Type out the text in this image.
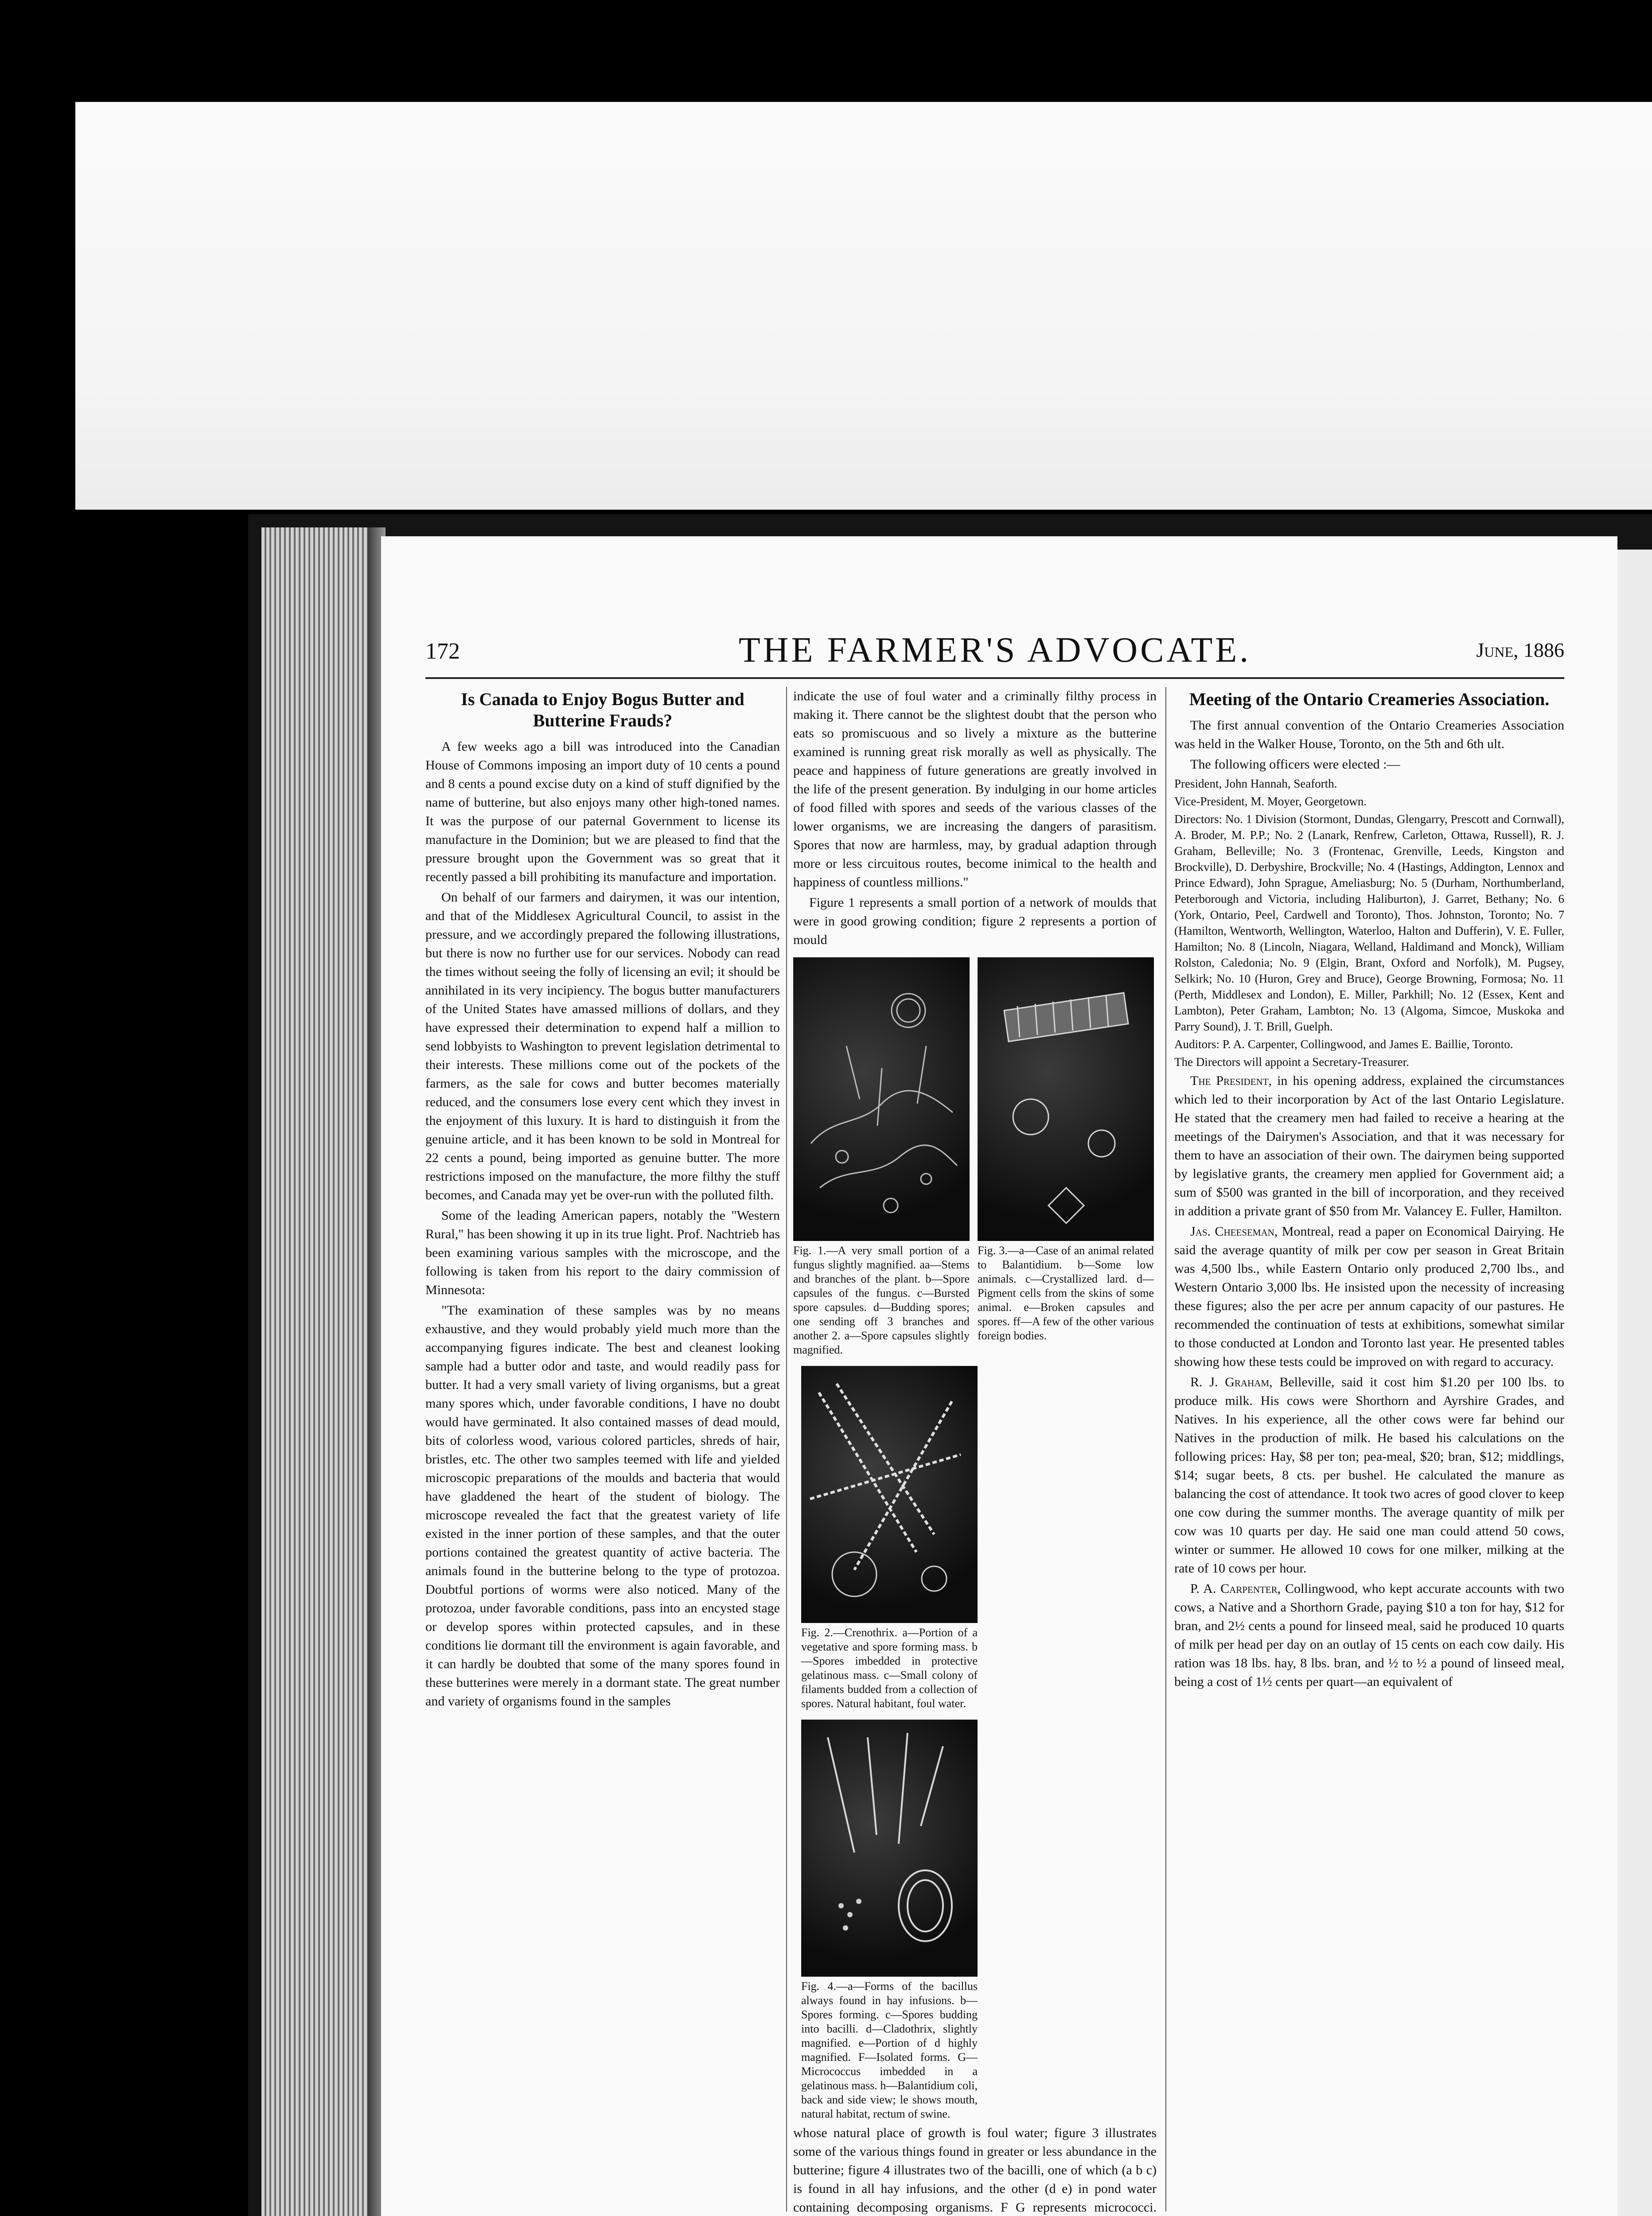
172	THE FARMER'S ADVOCATE.	June, 1886
Is Canada to Enjoy Bogus Butter and Butterine Frauds?

A few weeks ago a bill was introduced into the Canadian House of Commons imposing an import duty of 10 cents a pound and 8 cents a pound excise duty on a kind of stuff dignified by the name of butterine, but also enjoys many other high-toned names. It was the purpose of our paternal Government to license its manufacture in the Dominion; but we are pleased to find that the pressure brought upon the Government was so great that it recently passed a bill prohibiting its manufacture and importation.

On behalf of our farmers and dairymen, it was our intention, and that of the Middlesex Agricultural Council, to assist in the pressure, and we accordingly prepared the following illustrations, but there is now no further use for our services. Nobody can read the times without seeing the folly of licensing an evil; it should be annihilated in its very incipiency. The bogus butter manufacturers of the United States have amassed millions of dollars, and they have expressed their determination to expend half a million to send lobbyists to Washington to prevent legislation detrimental to their interests. These millions come out of the pockets of the farmers, as the sale for cows and butter becomes materially reduced, and the consumers lose every cent which they invest in the enjoyment of this luxury. It is hard to distinguish it from the genuine article, and it has been known to be sold in Montreal for 22 cents a pound, being imported as genuine butter. The more restrictions imposed on the manufacture, the more filthy the stuff becomes, and Canada may yet be over-run with the polluted filth.

Some of the leading American papers, notably the "Western Rural," has been showing it up in its true light. Prof. Nachtrieb has been examining various samples with the microscope, and the following is taken from his report to the dairy commission of Minnesota:

"The examination of these samples was by no means exhaustive, and they would probably yield much more than the accompanying figures indicate. The best and cleanest looking sample had a butter odor and taste, and would readily pass for butter. It had a very small variety of living organisms, but a great many spores which, under favorable conditions, I have no doubt would have germinated. It also contained masses of dead mould, bits of colorless wood, various colored particles, shreds of hair, bristles, etc. The other two samples teemed with life and yielded microscopic preparations of the moulds and bacteria that would have gladdened the heart of the student of biology. The microscope revealed the fact that the greatest variety of life existed in the inner portion of these samples, and that the outer portions contained the greatest quantity of active bacteria. The animals found in the butterine belong to the type of protozoa. Doubtful portions of worms were also noticed. Many of the protozoa, under favorable conditions, pass into an encysted stage or develop spores within protected capsules, and in these conditions lie dormant till the environment is again favorable, and it can hardly be doubted that some of the many spores found in these butterines were merely in a dormant state. The great number and variety of organisms found in the samples

indicate the use of foul water and a criminally filthy process in making it. There cannot be the slightest doubt that the person who eats so promiscuous and so lively a mixture as the butterine examined is running great risk morally as well as physically. The peace and happiness of future generations are greatly involved in the life of the present generation. By indulging in our home articles of food filled with spores and seeds of the various classes of the lower organisms, we are increasing the dangers of parasitism. Spores that now are harmless, may, by gradual adaption through more or less circuitous routes, become inimical to the health and happiness of countless millions."

Figure 1 represents a small portion of a network of moulds that were in good growing condition; figure 2 represents a portion of mould

Fig. 1.—A very small portion of a fungus slightly magnified. aa—Stems and branches of the plant. b—Spore capsules of the fungus. c—Bursted spore capsules. d—Budding spores; one sending off 3 branches and another 2. a—Spore capsules slightly magnified.
Fig. 3.—a—Case of an animal related to Balantidium. b—Some low animals. c—Crystallized lard. d—Pigment cells from the skins of some animal. e—Broken capsules and spores. ff—A few of the other various foreign bodies.

Fig. 2.—Crenothrix. a—Portion of a vegetative and spore forming mass. b—Spores imbedded in protective gelatinous mass. c—Small colony of filaments budded from a collection of spores. Natural habitant, foul water.
Fig. 4.—a—Forms of the bacillus always found in hay infusions. b—Spores forming. c—Spores budding into bacilli. d—Cladothrix, slightly magnified. e—Portion of d highly magnified. F—Isolated forms. G—Micrococcus imbedded in a gelatinous mass. h—Balantidium coli, back and side view; le shows mouth, natural habitat, rectum of swine.

whose natural place of growth is foul water; figure 3 illustrates some of the various things found in greater or less abundance in the butterine; figure 4 illustrates two of the bacilli, one of which (a b c) is found in all hay infusions, and the other (d e) in pond water containing decomposing organisms. F G represents micrococci.

Meeting of the Ontario Creameries Association.

The first annual convention of the Ontario Creameries Association was held in the Walker House, Toronto, on the 5th and 6th ult.

The following officers were elected :—

President, John Hannah, Seaforth.

Vice-President, M. Moyer, Georgetown.

Directors: No. 1 Division (Stormont, Dundas, Glengarry, Prescott and Cornwall), A. Broder, M. P.P.; No. 2 (Lanark, Renfrew, Carleton, Ottawa, Russell), R. J. Graham, Belleville; No. 3 (Frontenac, Grenville, Leeds, Kingston and Brockville), D. Derbyshire, Brockville; No. 4 (Hastings, Addington, Lennox and Prince Edward), John Sprague, Ameliasburg; No. 5 (Durham, Northumberland, Peterborough and Victoria, including Haliburton), J. Garret, Bethany; No. 6 (York, Ontario, Peel, Cardwell and Toronto), Thos. Johnston, Toronto; No. 7 (Hamilton, Wentworth, Wellington, Waterloo, Halton and Dufferin), V. E. Fuller, Hamilton; No. 8 (Lincoln, Niagara, Welland, Haldimand and Monck), William Rolston, Caledonia; No. 9 (Elgin, Brant, Oxford and Norfolk), M. Pugsey, Selkirk; No. 10 (Huron, Grey and Bruce), George Browning, Formosa; No. 11 (Perth, Middlesex and London), E. Miller, Parkhill; No. 12 (Essex, Kent and Lambton), Peter Graham, Lambton; No. 13 (Algoma, Simcoe, Muskoka and Parry Sound), J. T. Brill, Guelph.

Auditors: P. A. Carpenter, Collingwood, and James E. Baillie, Toronto.

The Directors will appoint a Secretary-Treasurer.

The President, in his opening address, explained the circumstances which led to their incorporation by Act of the last Ontario Legislature. He stated that the creamery men had failed to receive a hearing at the meetings of the Dairymen's Association, and that it was necessary for them to have an association of their own. The dairymen being supported by legislative grants, the creamery men applied for Government aid; a sum of $500 was granted in the bill of incorporation, and they received in addition a private grant of $50 from Mr. Valancey E. Fuller, Hamilton.

Jas. Cheeseman, Montreal, read a paper on Economical Dairying. He said the average quantity of milk per cow per season in Great Britain was 4,500 lbs., while Eastern Ontario only produced 2,700 lbs., and Western Ontario 3,000 lbs. He insisted upon the necessity of increasing these figures; also the per acre per annum capacity of our pastures. He recommended the continuation of tests at exhibitions, somewhat similar to those conducted at London and Toronto last year. He presented tables showing how these tests could be improved on with regard to accuracy.

R. J. Graham, Belleville, said it cost him $1.20 per 100 lbs. to produce milk. His cows were Shorthorn and Ayrshire Grades, and Natives. In his experience, all the other cows were far behind our Natives in the production of milk. He based his calculations on the following prices: Hay, $8 per ton; pea-meal, $20; bran, $12; middlings, $14; sugar beets, 8 cts. per bushel. He calculated the manure as balancing the cost of attendance. It took two acres of good clover to keep one cow during the summer months. The average quantity of milk per cow was 10 quarts per day. He said one man could attend 50 cows, winter or summer. He allowed 10 cows for one milker, milking at the rate of 10 cows per hour.

P. A. Carpenter, Collingwood, who kept accurate accounts with two cows, a Native and a Shorthorn Grade, paying $10 a ton for hay, $12 for bran, and 2½ cents a pound for linseed meal, said he produced 10 quarts of milk per head per day on an outlay of 15 cents on each cow daily. His ration was 18 lbs. hay, 8 lbs. bran, and ½ to ½ a pound of linseed meal, being a cost of 1½ cents per quart—an equivalent of
